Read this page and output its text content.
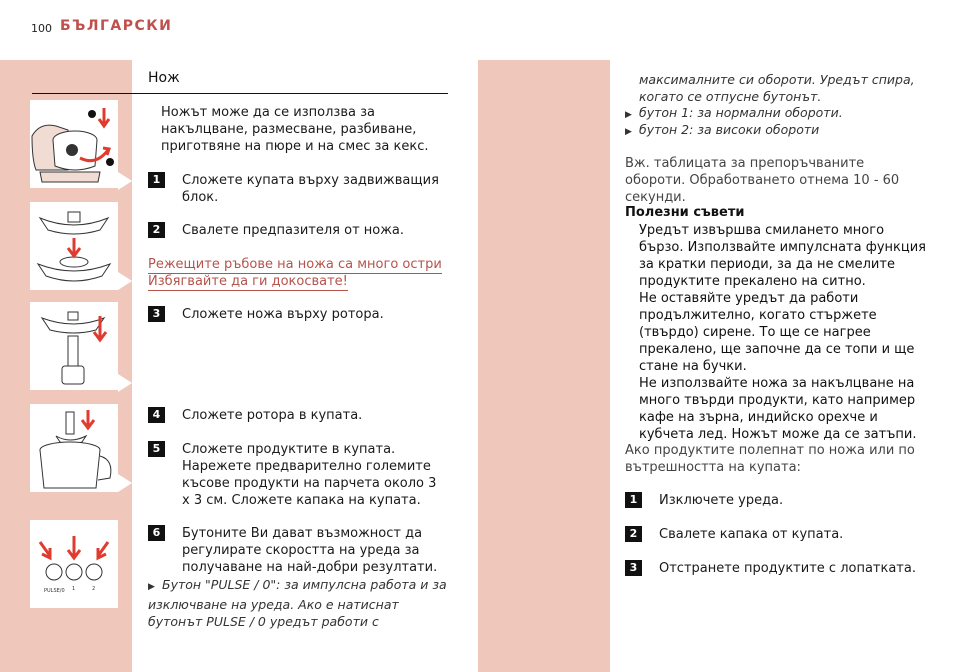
100 БЪЛГАРСКИ
Нож
PULSE/0 1	2
Ножът може да се използва за накълцване, размесване, разбиване, приготвяне на пюре и на смес за кекс.
1	Сложете купата върху задвижващия блок.
2	Свалете предпазителя от ножа.
Режещите ръбове на ножа са много остри
Избягвайте да ги докосвате!
3	Сложете ножа върху ротора.
4	Сложете ротора в купата.
5	Сложете продуктите в купата. Нарежете предварително големите късове продукти на парчета около 3 x 3 см. Сложете капака на купата.
6	Бутоните Ви дават възможност да регулирате скоростта на уреда за получаване на най-добри резултати.
▶ Бутон "PULSE / 0": за импулсна работа и за изключване на уреда. Ако е натиснат бутонът PULSE / 0 уредът работи с
максималните си обороти. Уредът спира, когато се отпусне бутонът.
▶ бутон 1: за нормални обороти.
▶ бутон 2: за високи обороти
Вж. таблицата за препоръчваните обороти. Обработването отнема 10 - 60 секунди.
Полезни съвети
Уредът извършва смилането много бързо. Използвайте импулсната функция за кратки периоди, за да не смелите продуктите прекалено на ситно.
Не оставяйте уредът да работи продължително, когато стържете (твърдо) сирене. То ще се нагрее прекалено, ще започне да се топи и ще стане на бучки.
Не използвайте ножа за накълцване на много твърди продукти, като например кафе на зърна, индийско орехче и кубчета лед. Ножът може да се затъпи.
Ако продуктите полепнат по ножа или по вътрешността на купата:
1	Изключете уреда.
2	Свалете капака от купата.
3	Отстранете продуктите с лопатката.
